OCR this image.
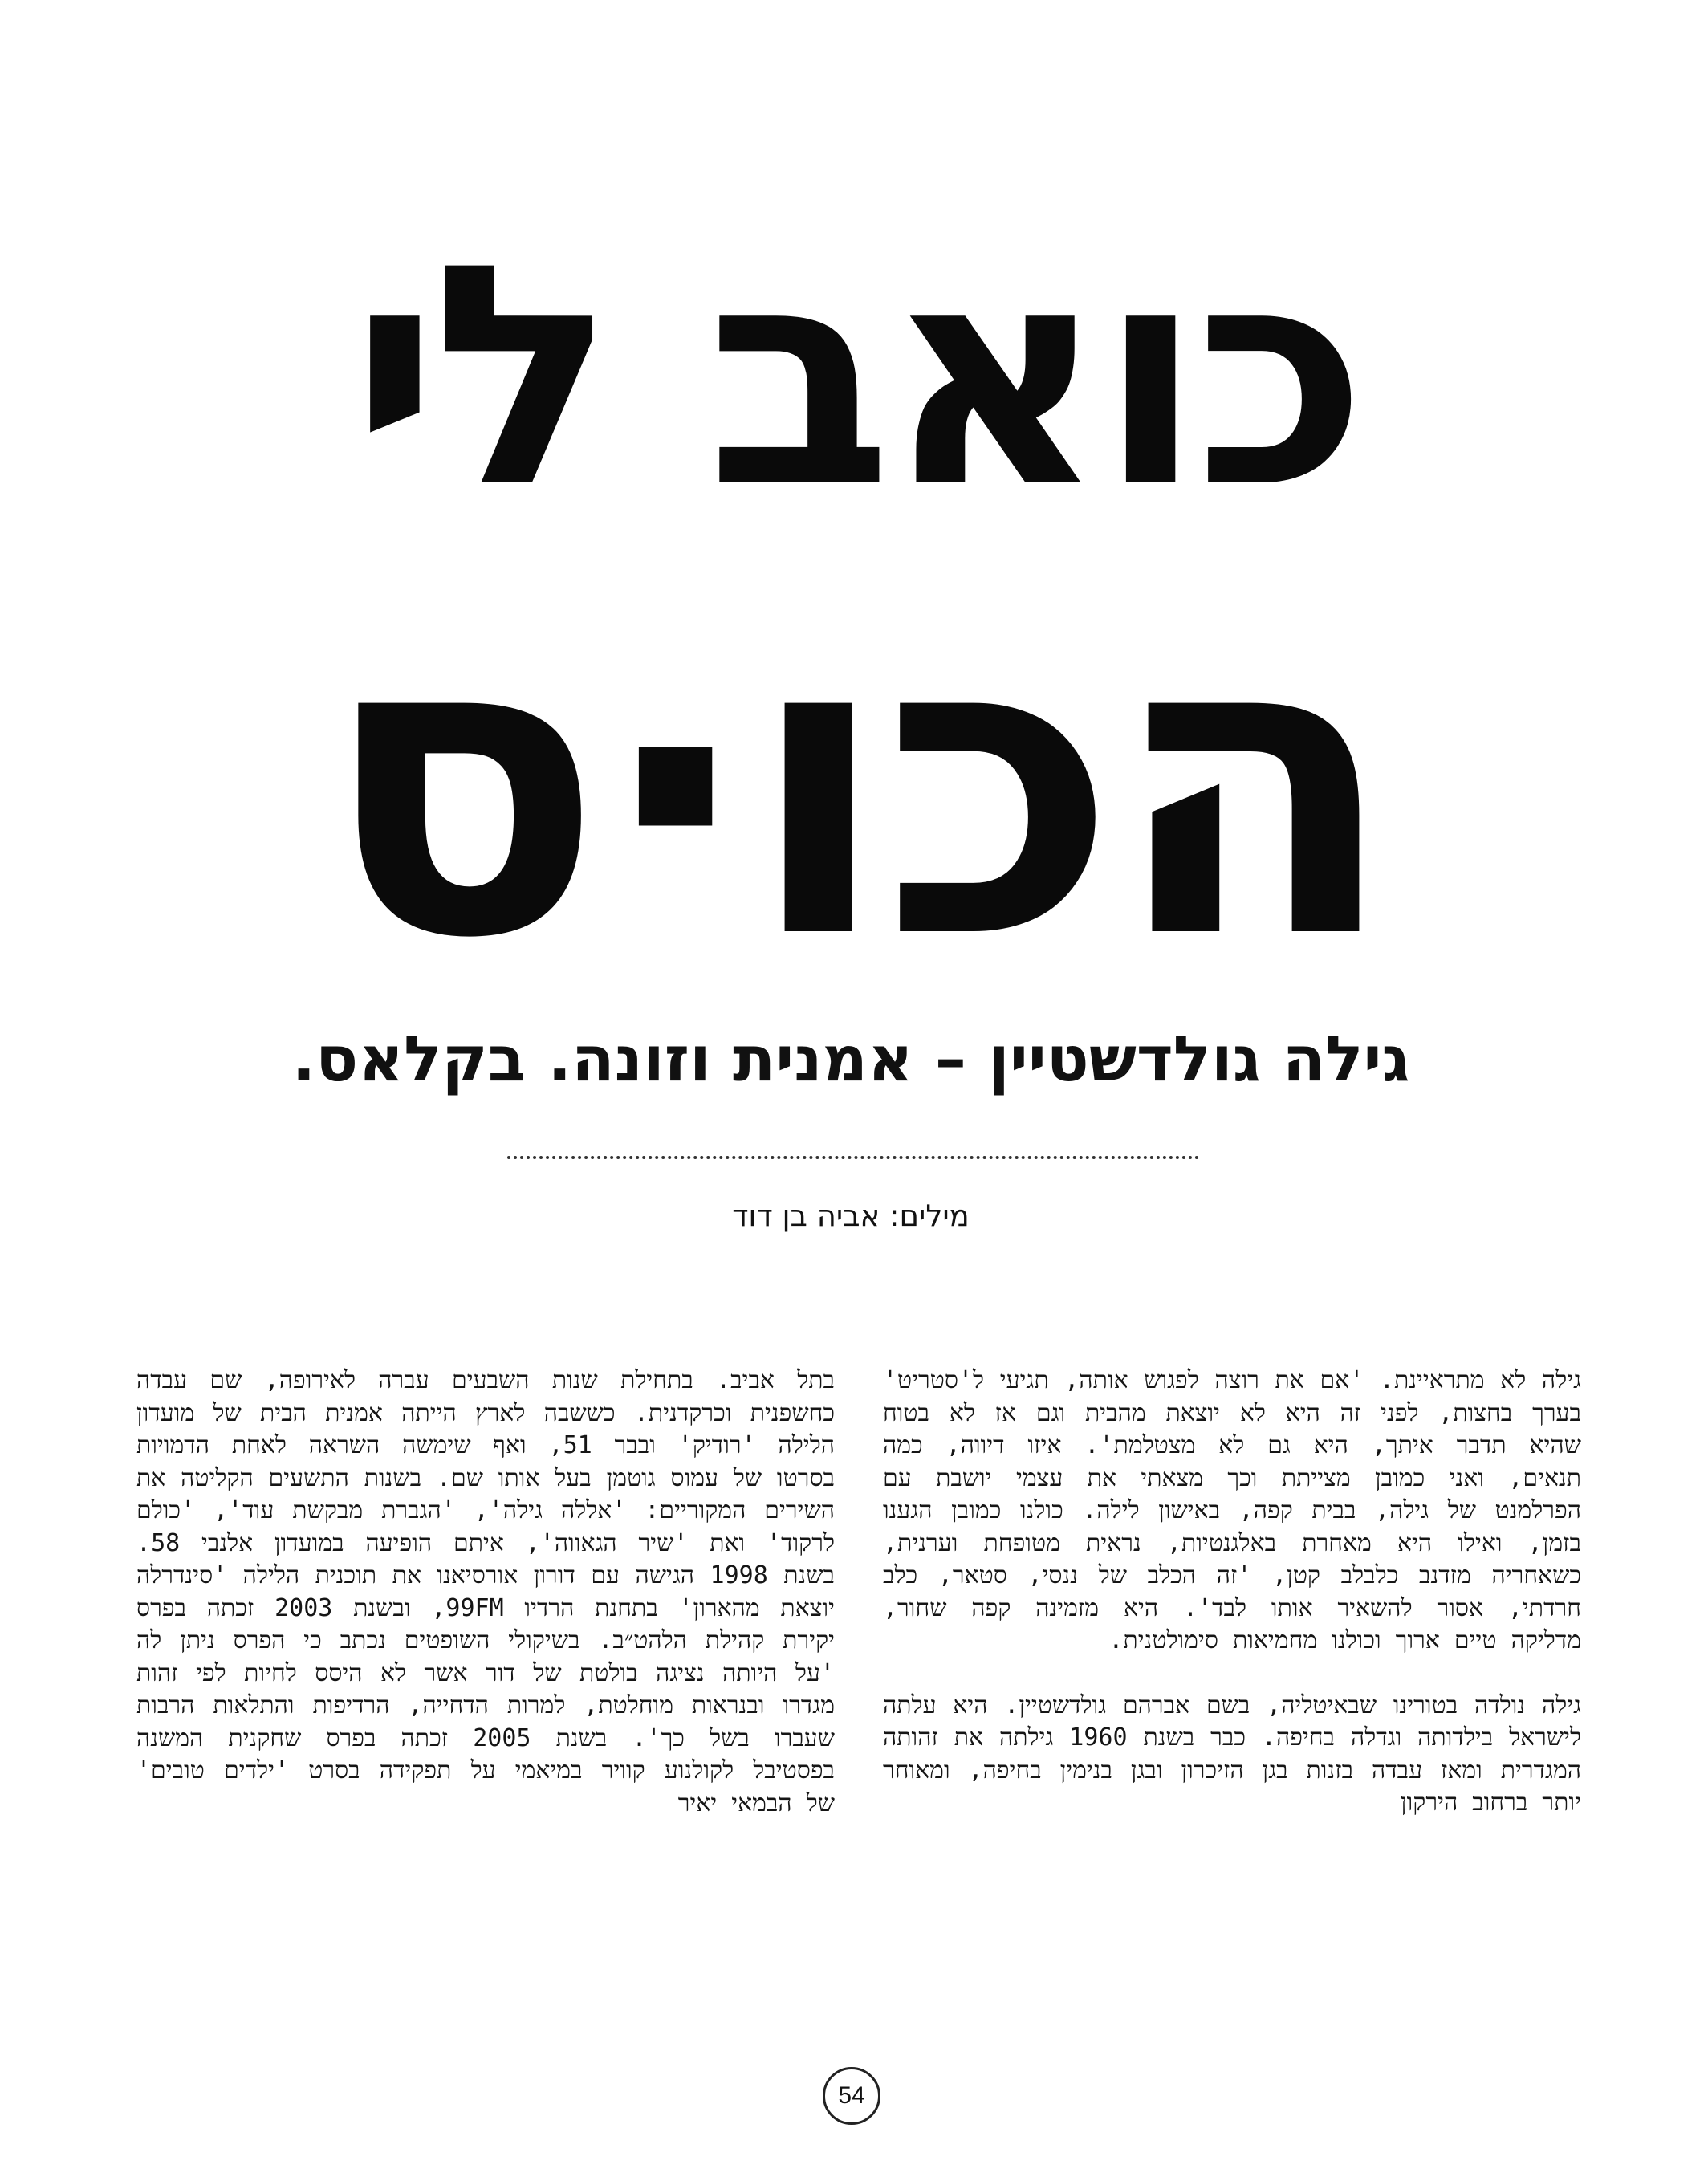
כואב לי
הכו·ס
גילה גולדשטיין – אמנית וזונה. בקלאס.

מילים: אביה בן דוד

גילה לא מתראיינת. 'אם את רוצה לפגוש אותה, תגיעי ל'סטריט' בערך בחצות, לפני זה היא לא יוצאת מהבית וגם אז לא בטוח שהיא תדבר איתך, היא גם לא מצטלמת'. איזו דיווה, כמה תנאים, ואני כמובן מצייתת וכך מצאתי את עצמי יושבת עם הפרלמנט של גילה, בבית קפה, באישון לילה. כולנו כמובן הגענו בזמן, ואילו היא מאחרת באלגנטיות, נראית מטופחת וערנית, כשאחריה מזדנב כלבלב קטן, 'זה הכלב של ננסי, סטאר, כלב חרדתי, אסור להשאיר אותו לבד'. היא מזמינה קפה שחור, מדליקה טיים ארוך וכולנו מחמיאות סימולטנית.

גילה נולדה בטורינו שבאיטליה, בשם אברהם גולדשטיין. היא עלתה לישראל בילדותה וגדלה בחיפה. כבר בשנת 1960 גילתה את זהותה המגדרית ומאז עבדה בזנות בגן הזיכרון ובגן בנימין בחיפה, ומאוחר יותר ברחוב הירקון

בתל אביב. בתחילת שנות השבעים עברה לאירופה, שם עבדה כחשפנית וכרקדנית. כששבה לארץ הייתה אמנית הבית של מועדון הלילה 'רודיק' ובבר 51, ואף שימשה השראה לאחת הדמויות בסרטו של עמוס גוטמן בעל אותו שם. בשנות התשעים הקליטה את השירים המקוריים: 'אללה גילה', 'הגברת מבקשת עוד', 'כולם לרקוד' ואת 'שיר הגאווה', איתם הופיעה במועדון אלנבי 58. בשנת 1998 הגישה עם דורון אורסיאנו את תוכנית הלילה 'סינדרלה יוצאת מהארון' בתחנת הרדיו 99FM, ובשנת 2003 זכתה בפרס יקירת קהילת הלהט״ב. בשיקולי השופטים נכתב כי הפרס ניתן לה 'על היותה נציגה בולטת של דור אשר לא היסס לחיות לפי זהות מגדרו ובנראות מוחלטת, למרות הדחייה, הרדיפות והתלאות הרבות שעברו בשל כך'. בשנת 2005 זכתה בפרס שחקנית המשנה בפסטיבל לקולנוע קוויר במיאמי על תפקידה בסרט 'ילדים טובים' של הבמאי יאיר

54
